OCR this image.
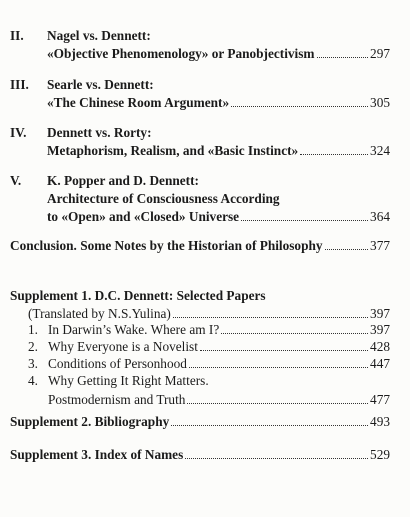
II. Nagel vs. Dennett:
«Objective Phenomenology» or Panobjectivism	297
III. Searle vs. Dennett:
«The Chinese Room Argument»	305
IV. Dennett vs. Rorty:
Metaphorism, Realism, and «Basic Instinct»	324
V. K. Popper and D. Dennett:
Architecture of Consciousness According
to «Open» and «Closed» Universe	364
Conclusion. Some Notes by the Historian of Philosophy	377
Supplement 1. D.C. Dennett: Selected Papers
(Translated by N.S.Yulina)	397
1. In Darwin’s Wake. Where am I?	397
2. Why Everyone is a Novelist	428
3. Conditions of Personhood	447
4. Why Getting It Right Matters.
Postmodernism and Truth	477
Supplement 2. Bibliography	493
Supplement 3. Index of Names	529
